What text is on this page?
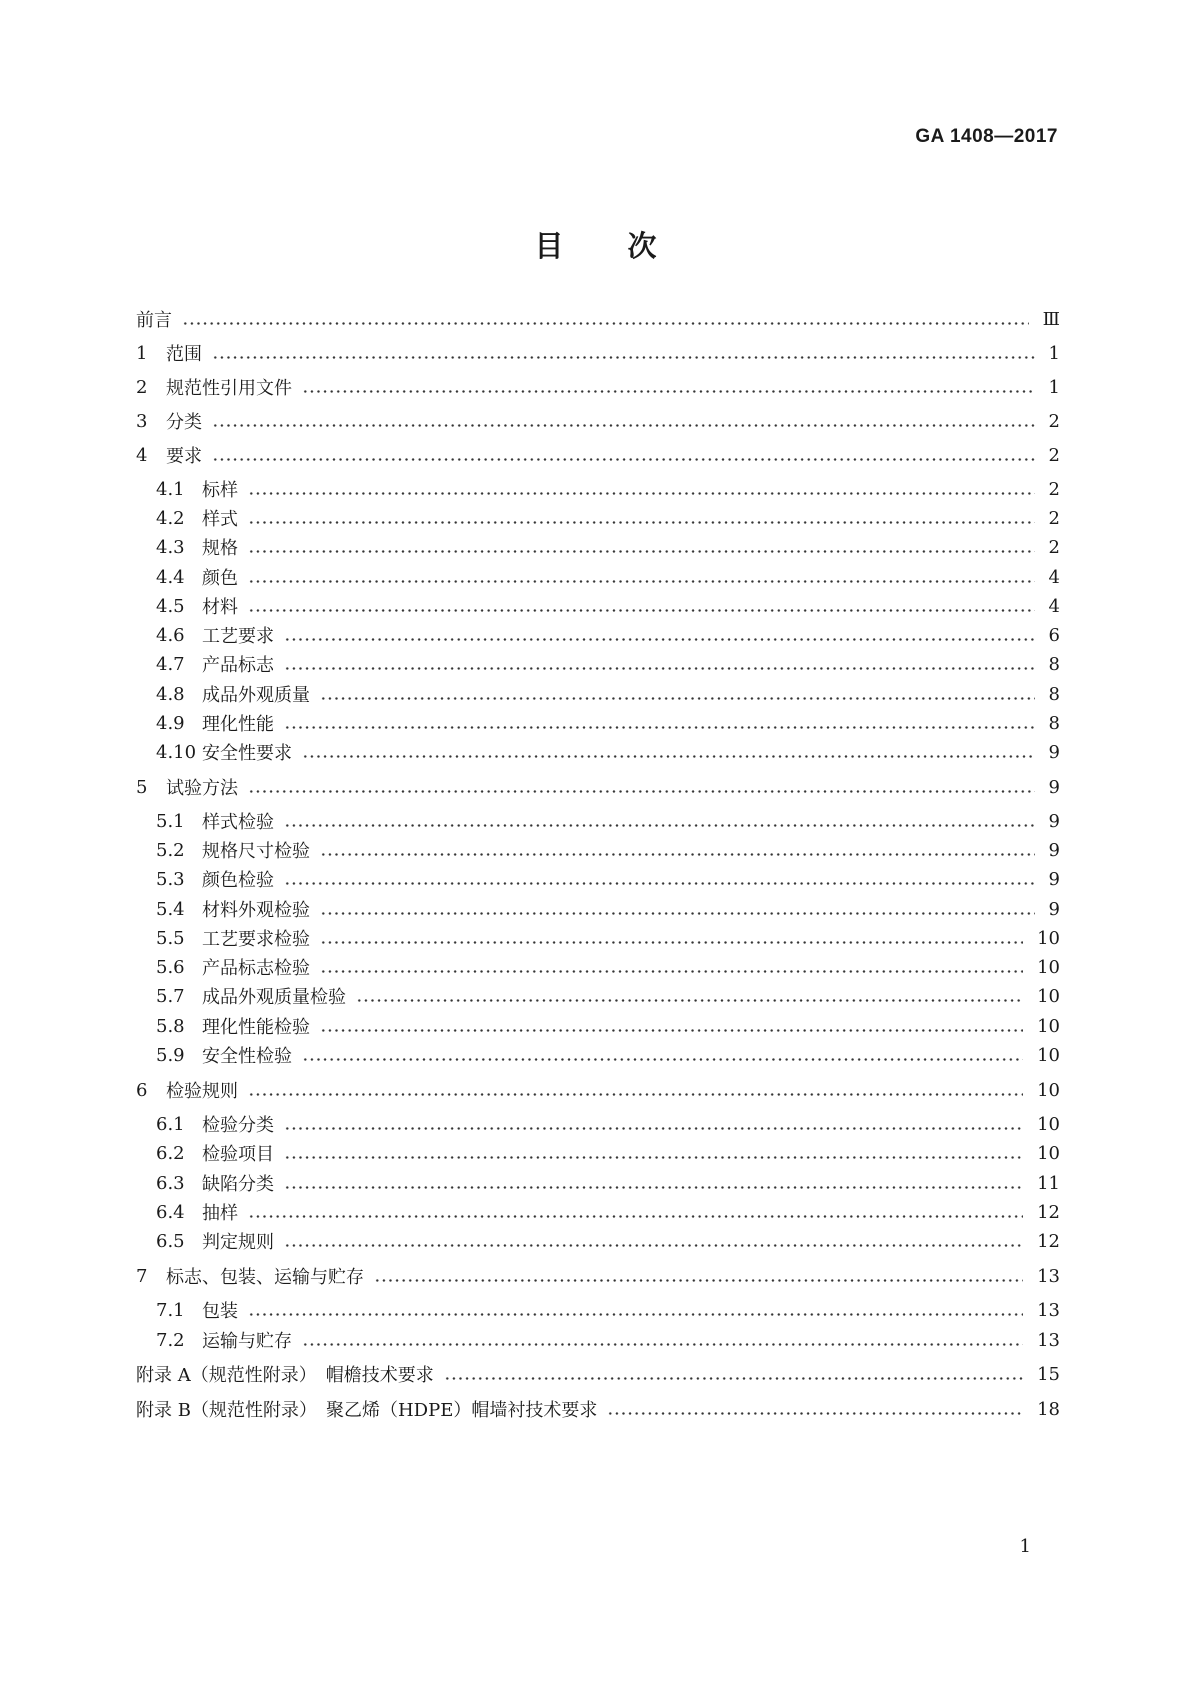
GA 1408—2017
目 次
前言	Ⅲ
1	范围	1
2	规范性引用文件	1
3	分类	2
4	要求	2
4.1 标样	2
4.2 样式	2
4.3 规格	2
4.4 颜色	4
4.5 材料	4
4.6 工艺要求	6
4.7 产品标志	8
4.8 成品外观质量	8
4.9 理化性能	8
4.10 安全性要求	9
5	试验方法	9
5.1 样式检验	9
5.2 规格尺寸检验	9
5.3 颜色检验	9
5.4 材料外观检验	9
5.5 工艺要求检验	10
5.6 产品标志检验	10
5.7 成品外观质量检验	10
5.8 理化性能检验	10
5.9 安全性检验	10
6	检验规则	10
6.1 检验分类	10
6.2 检验项目	10
6.3 缺陷分类	11
6.4 抽样	12
6.5 判定规则	12
7	标志、包装、运输与贮存	13
7.1 包装	13
7.2 运输与贮存	13
附录 A（规范性附录）　帽檐技术要求	15
附录 B（规范性附录）　聚乙烯（HDPE）帽墙衬技术要求	18
1
